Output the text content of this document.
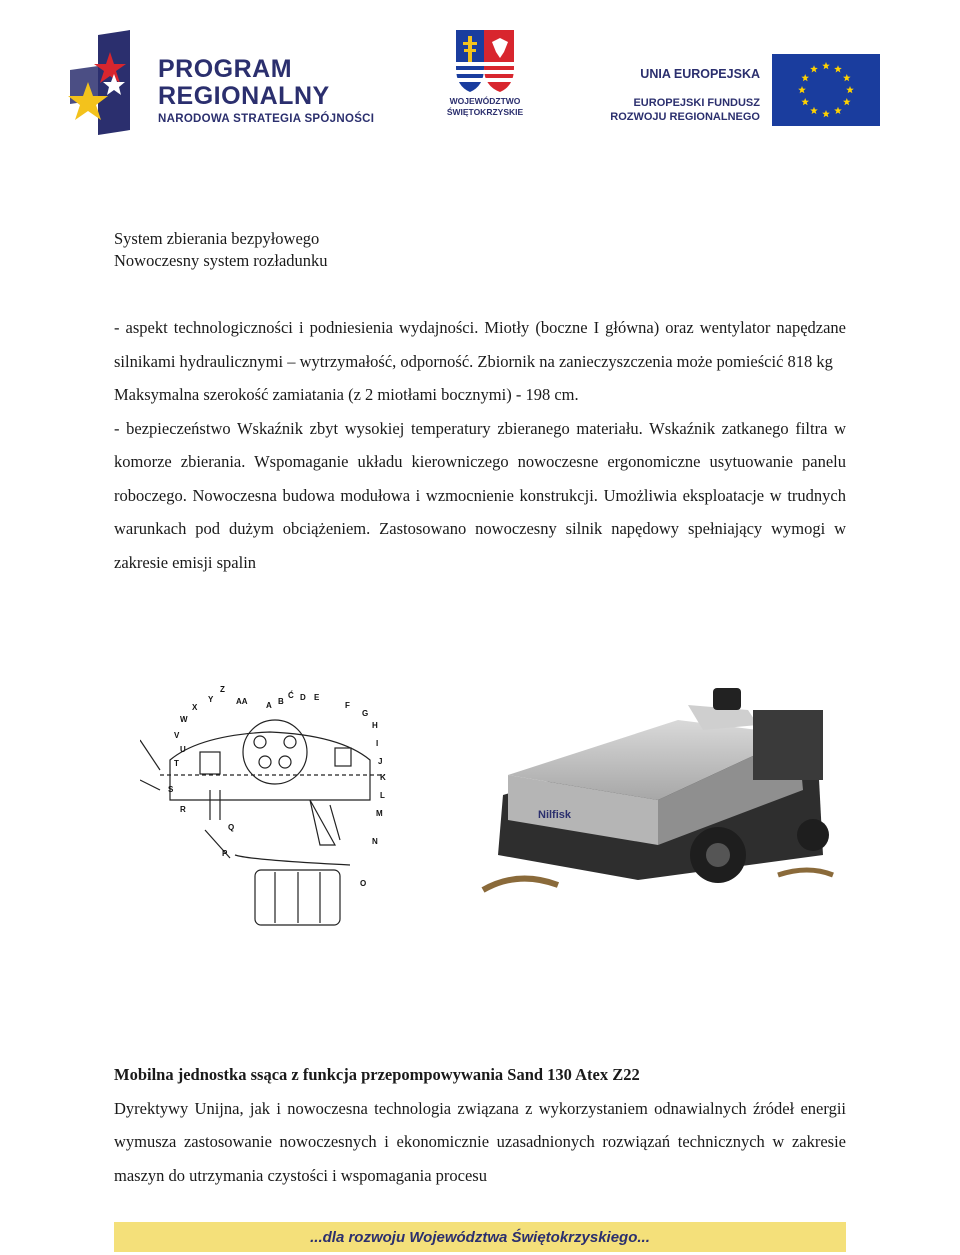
PROGRAM
REGIONALNY
NARODOWA STRATEGIA SPÓJNOŚCI
WOJEWÓDZTWO
ŚWIĘTOKRZYSKIE
UNIA EUROPEJSKA
EUROPEJSKI FUNDUSZ
ROZWOJU REGIONALNEGO
System zbierania bezpyłowego
Nowoczesny system rozładunku

- aspekt technologiczności i podniesienia wydajności. Miotły (boczne I główna) oraz wentylator napędzane silnikami hydraulicznymi – wytrzymałość, odporność. Zbiornik na zanieczyszczenia może pomieścić 818 kg

Maksymalna szerokość zamiatania (z 2 miotłami bocznymi) - 198 cm.

- bezpieczeństwo Wskaźnik zbyt wysokiej temperatury zbieranego materiału. Wskaźnik zatkanego filtra w komorze zbierania. Wspomaganie układu kierowniczego nowoczesne ergonomiczne usytuowanie panelu roboczego. Nowoczesna budowa modułowa i wzmocnienie konstrukcji. Umożliwia eksploatacje w trudnych warunkach pod dużym obciążeniem. Zastosowano nowoczesny silnik napędowy spełniający wymogi w zakresie emisji spalin

Z
Y
X
W
V
U
T
S
R
Q
P
AA A B
Ć D E
F
G
H
I
J
K
L
M
N
O
Nilfisk
Mobilna jednostka ssąca z funkcja przepompowywania Sand 130 Atex Z22
Dyrektywy Unijna, jak i nowoczesna technologia związana z wykorzystaniem odnawialnych źródeł energii wymusza zastosowanie nowoczesnych i ekonomicznie uzasadnionych rozwiązań technicznych w zakresie maszyn do utrzymania czystości i wspomagania procesu
...dla rozwoju Województwa Świętokrzyskiego...
